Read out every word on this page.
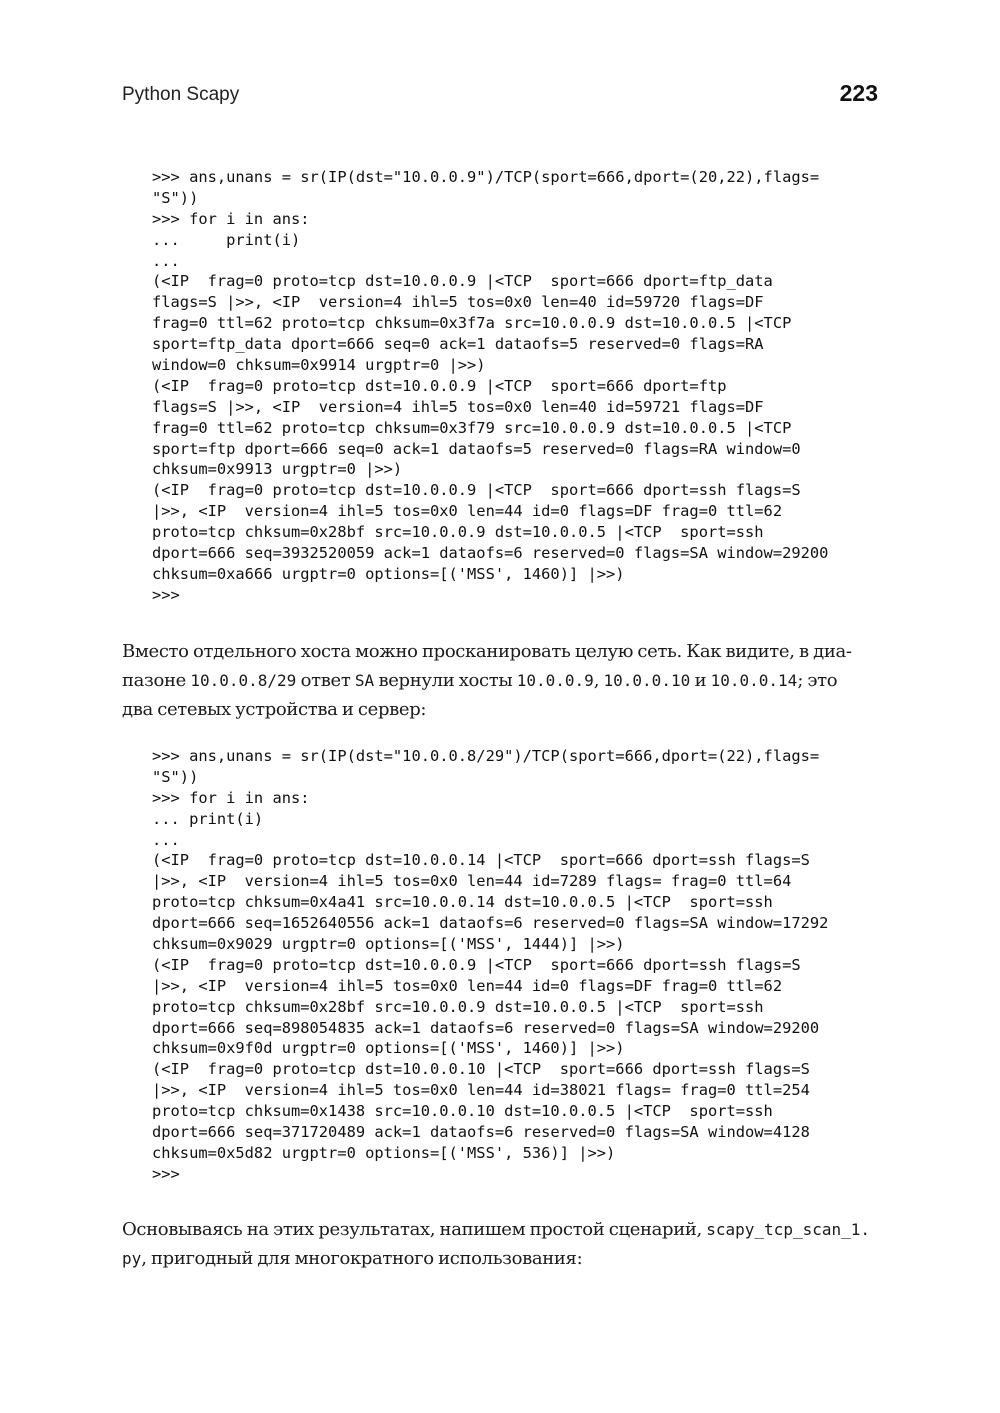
Python Scapy	223
>>> ans,unans = sr(IP(dst="10.0.0.9")/TCP(sport=666,dport=(20,22),flags=
"S"))
>>> for i in ans:
...     print(i)
...
(<IP  frag=0 proto=tcp dst=10.0.0.9 |<TCP  sport=666 dport=ftp_data
flags=S |>>, <IP  version=4 ihl=5 tos=0x0 len=40 id=59720 flags=DF
frag=0 ttl=62 proto=tcp chksum=0x3f7a src=10.0.0.9 dst=10.0.0.5 |<TCP
sport=ftp_data dport=666 seq=0 ack=1 dataofs=5 reserved=0 flags=RA
window=0 chksum=0x9914 urgptr=0 |>>)
(<IP  frag=0 proto=tcp dst=10.0.0.9 |<TCP  sport=666 dport=ftp
flags=S |>>, <IP  version=4 ihl=5 tos=0x0 len=40 id=59721 flags=DF
frag=0 ttl=62 proto=tcp chksum=0x3f79 src=10.0.0.9 dst=10.0.0.5 |<TCP
sport=ftp dport=666 seq=0 ack=1 dataofs=5 reserved=0 flags=RA window=0
chksum=0x9913 urgptr=0 |>>)
(<IP  frag=0 proto=tcp dst=10.0.0.9 |<TCP  sport=666 dport=ssh flags=S
|>>, <IP  version=4 ihl=5 tos=0x0 len=44 id=0 flags=DF frag=0 ttl=62
proto=tcp chksum=0x28bf src=10.0.0.9 dst=10.0.0.5 |<TCP  sport=ssh
dport=666 seq=3932520059 ack=1 dataofs=6 reserved=0 flags=SA window=29200
chksum=0xa666 urgptr=0 options=[('MSS', 1460)] |>>)
>>>

Вместо отдельного хоста можно просканировать целую сеть. Как видите, в диа-
пазоне 10.0.0.8/29 ответ SA вернули хосты 10.0.0.9, 10.0.0.10 и 10.0.0.14; это
два сетевых устройства и сервер:

>>> ans,unans = sr(IP(dst="10.0.0.8/29")/TCP(sport=666,dport=(22),flags=
"S"))
>>> for i in ans:
... print(i)
...
(<IP  frag=0 proto=tcp dst=10.0.0.14 |<TCP  sport=666 dport=ssh flags=S
|>>, <IP  version=4 ihl=5 tos=0x0 len=44 id=7289 flags= frag=0 ttl=64
proto=tcp chksum=0x4a41 src=10.0.0.14 dst=10.0.0.5 |<TCP  sport=ssh
dport=666 seq=1652640556 ack=1 dataofs=6 reserved=0 flags=SA window=17292
chksum=0x9029 urgptr=0 options=[('MSS', 1444)] |>>)
(<IP  frag=0 proto=tcp dst=10.0.0.9 |<TCP  sport=666 dport=ssh flags=S
|>>, <IP  version=4 ihl=5 tos=0x0 len=44 id=0 flags=DF frag=0 ttl=62
proto=tcp chksum=0x28bf src=10.0.0.9 dst=10.0.0.5 |<TCP  sport=ssh
dport=666 seq=898054835 ack=1 dataofs=6 reserved=0 flags=SA window=29200
chksum=0x9f0d urgptr=0 options=[('MSS', 1460)] |>>)
(<IP  frag=0 proto=tcp dst=10.0.0.10 |<TCP  sport=666 dport=ssh flags=S
|>>, <IP  version=4 ihl=5 tos=0x0 len=44 id=38021 flags= frag=0 ttl=254
proto=tcp chksum=0x1438 src=10.0.0.10 dst=10.0.0.5 |<TCP  sport=ssh
dport=666 seq=371720489 ack=1 dataofs=6 reserved=0 flags=SA window=4128
chksum=0x5d82 urgptr=0 options=[('MSS', 536)] |>>)
>>>

Основываясь на этих результатах, напишем простой сценарий, scapy_tcp_scan_1.
py, пригодный для многократного использования:
